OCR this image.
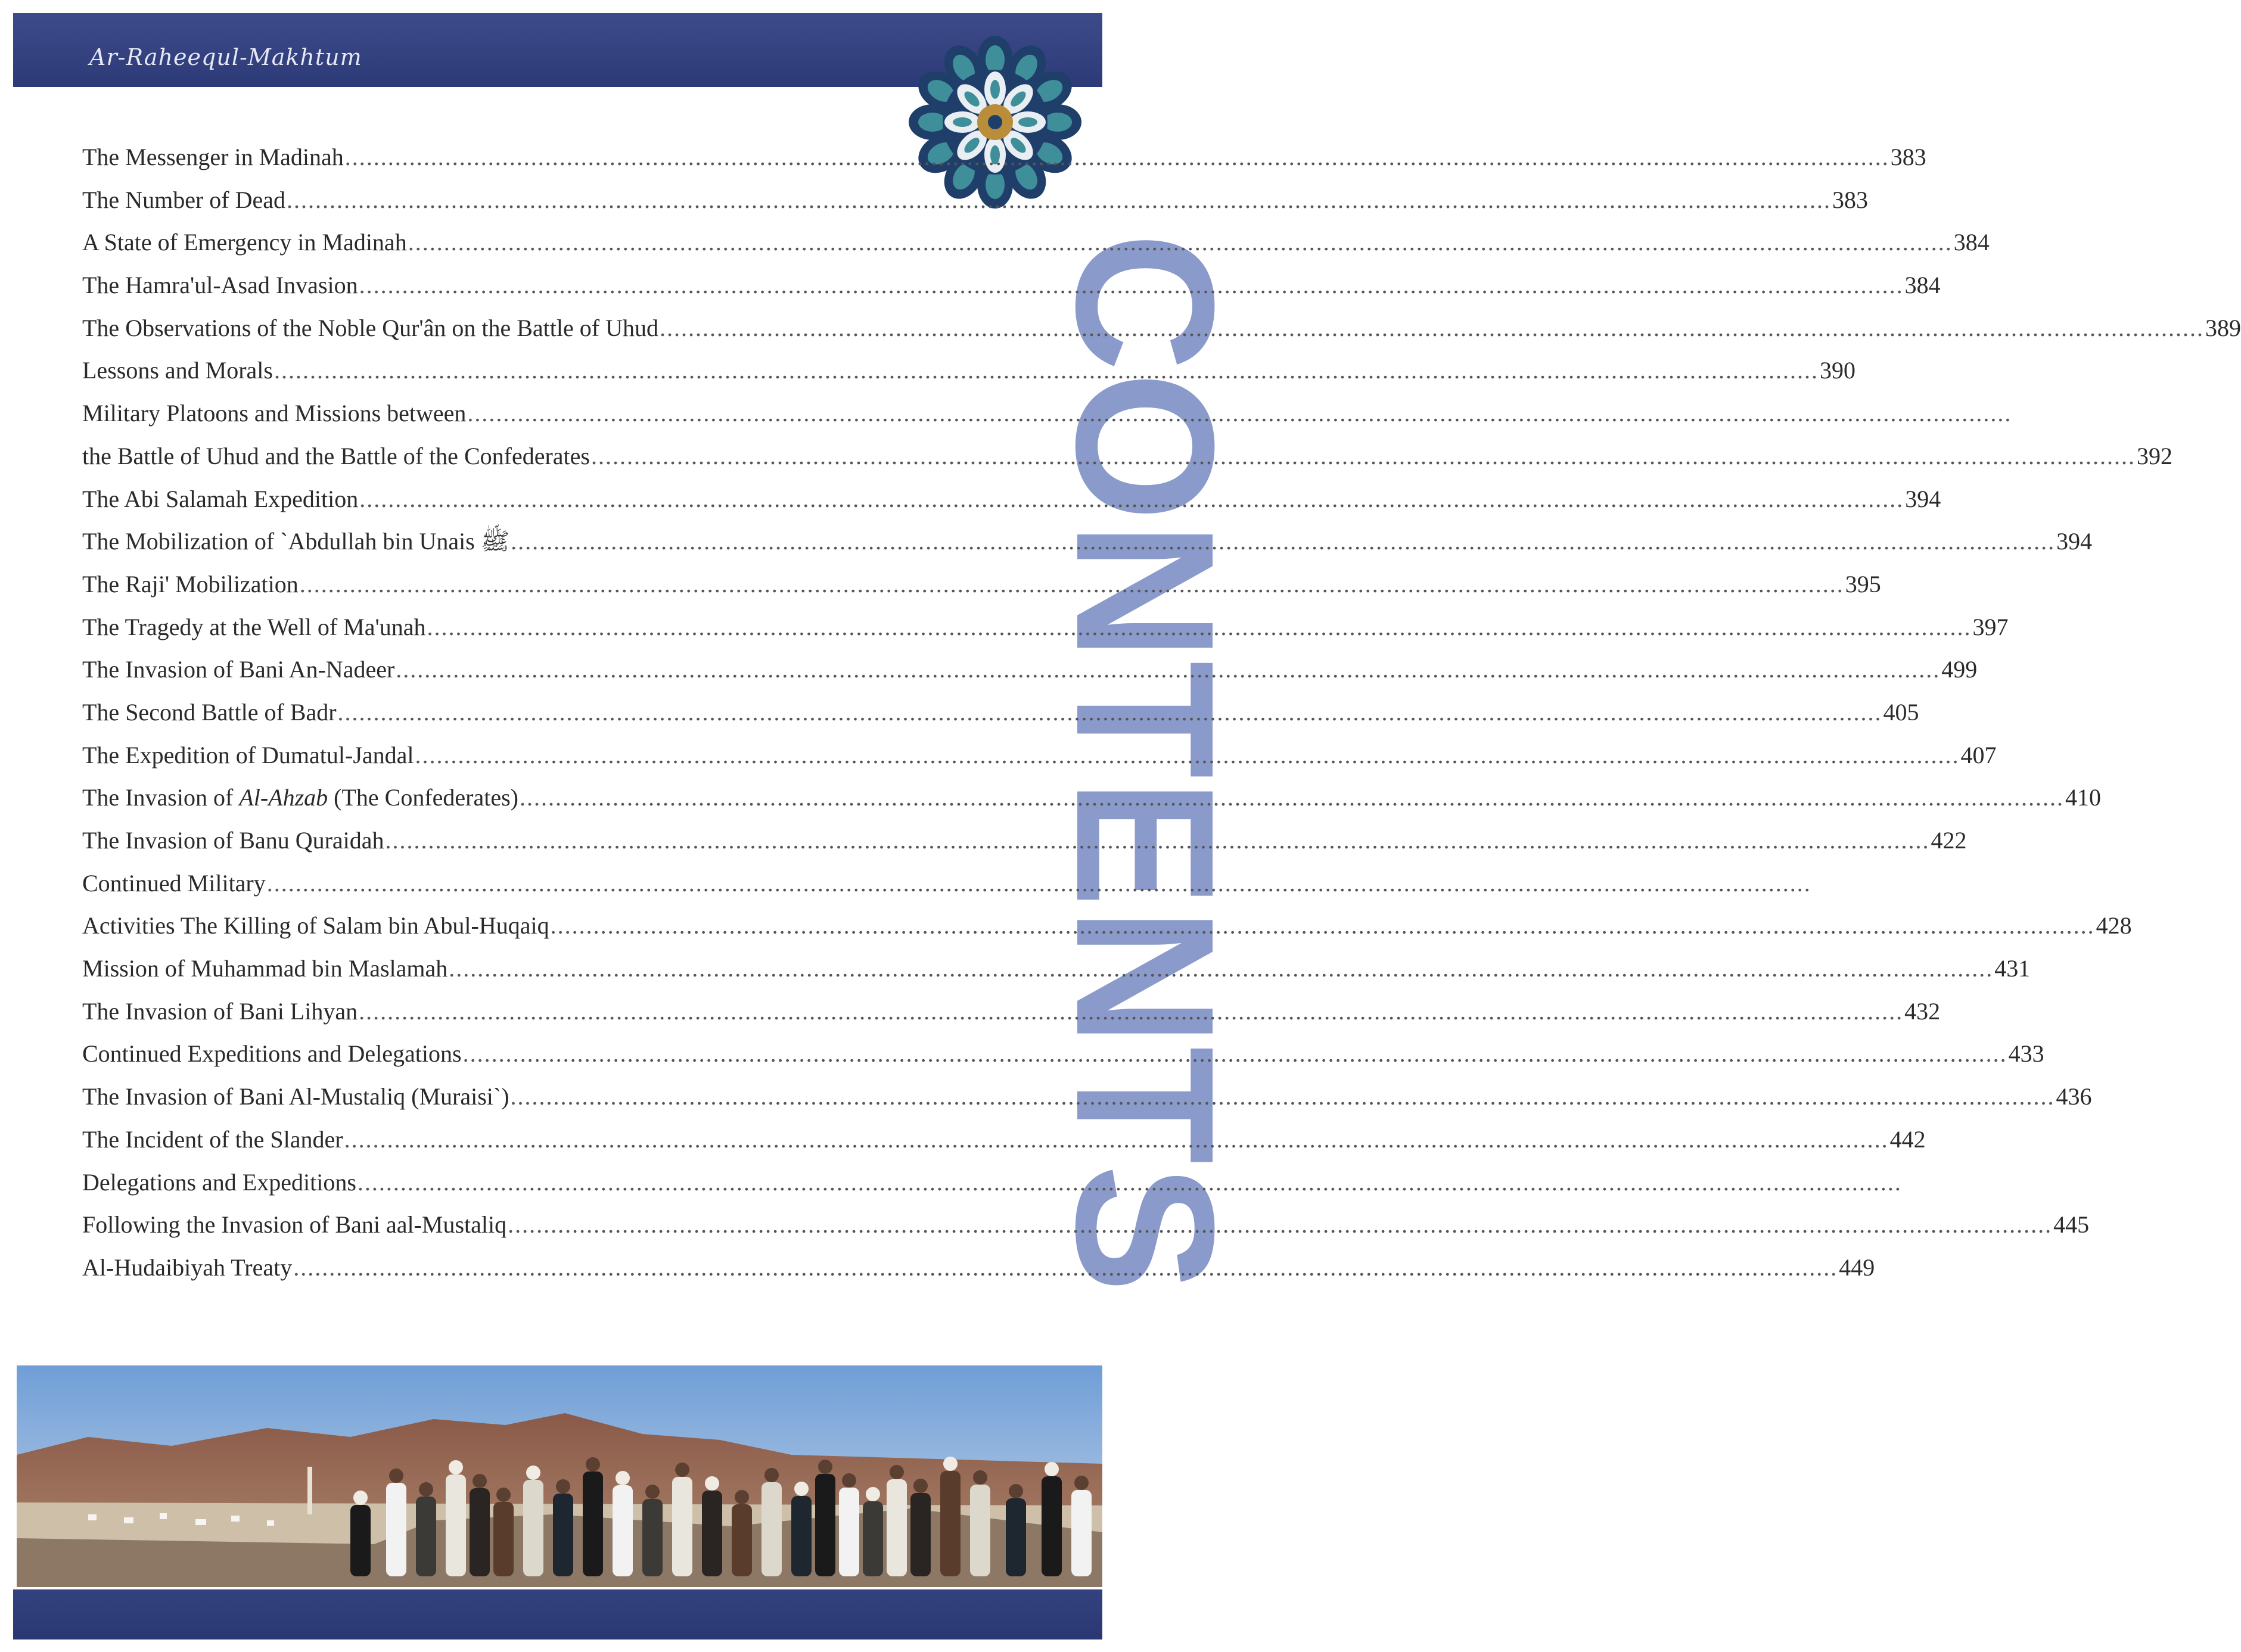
Ar-Raheequl-Makhtum
CONTENTS
The Messenger in Madinah .....	383
The Number of Dead .....	383
A State of Emergency in Madinah .....	384
The Hamra'ul-Asad Invasion .....	384
The Observations of the Noble Qur'ân on the Battle of Uhud .....	389
Lessons and Morals .....	390
Military Platoons and Missions between
.....
the Battle of Uhud and the Battle of the Confederates .....	392
The Abi Salamah Expedition .....	394
The Mobilization of `Abdullah bin Unais ﷺ .....	394
The Raji' Mobilization .....	395
The Tragedy at the Well of Ma'unah .....	397
The Invasion of Bani An-Nadeer .....	499
The Second Battle of Badr .....	405
The Expedition of Dumatul-Jandal .....	407
The Invasion of Al-Ahzab (The Confederates) .....	410
The Invasion of Banu Quraidah .....	422
Continued Military
.....
Activities The Killing of Salam bin Abul-Huqaiq .....	428
Mission of Muhammad bin Maslamah .....	431
The Invasion of Bani Lihyan .....	432
Continued Expeditions and Delegations .....	433
The Invasion of Bani Al-Mustaliq (Muraisi`) .....	436
The Incident of the Slander .....	442
Delegations and Expeditions
.....
Following the Invasion of Bani aal-Mustaliq .....	445
Al-Hudaibiyah Treaty .....	449
